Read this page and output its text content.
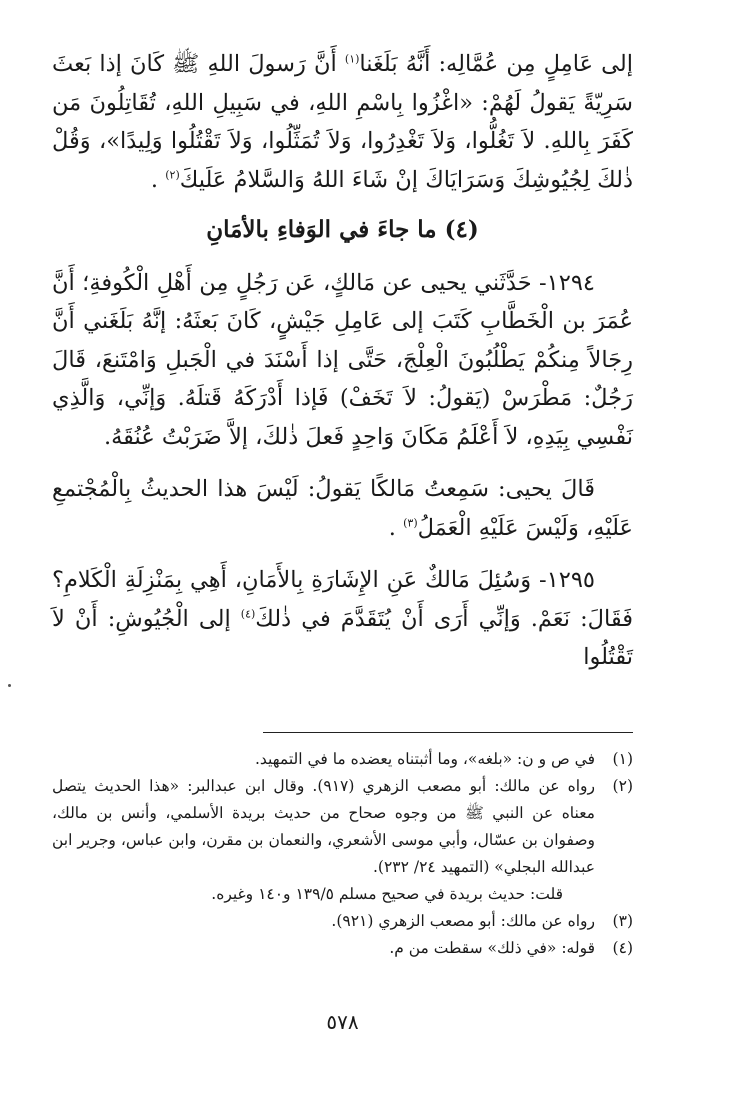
إلى عَامِلٍ مِن عُمَّالِه: أَنَّهُ بَلَغَنا$^{(١)}$ أَنَّ رَسولَ اللهِ ﷺ كَانَ إذا بَعثَ سَرِيّةً يَقولُ لَهُمْ: «اغْزُوا بِاسْمِ اللهِ، في سَبِيلِ اللهِ، تُقَاتِلُونَ مَن كَفَرَ بِاللهِ. لاَ تَغُلُّوا، وَلاَ تَغْدِرُوا، وَلاَ تُمَثِّلُوا، وَلاَ تَقْتُلُوا وَلِيدًا»، وَقُلْ ذٰلكَ لِجُيُوشِكَ وَسَرَايَاكَ إنْ شَاءَ اللهُ وَالسَّلامُ عَلَيكَ$^{(٢)}$ .

(٤) ما جاءَ في الوَفاءِ بالأمَانِ

١٢٩٤- حَدَّثَني يحيى عن مَالكٍ، عَن رَجُلٍ مِن أَهْلِ الْكُوفةِ؛ أَنَّ عُمَرَ بن الْخَطَّابِ كَتَبَ إلى عَامِلِ جَيْشٍ، كَانَ بَعثَهُ: إنَّهُ بَلَغَني أَنَّ رِجَالاً مِنكُمْ يَطْلُبُونَ الْعِلْجَ، حَتَّى إذا أَسْنَدَ في الْجَبلِ وَامْتَنعَ، قَالَ رَجُلٌ: مَطْرَسْ (يَقولُ: لاَ تَخَفْ) فَإذا أَدْرَكَهُ قَتلَهُ. وَإنِّي، وَالَّذِي نَفْسِي بِيَدِهِ، لاَ أَعْلَمُ مَكَانَ وَاحِدٍ فَعلَ ذٰلكَ، إلاَّ ضَرَبْتُ عُنُقَهُ.

قَالَ يحيى: سَمِعتُ مَالكًا يَقولُ: لَيْسَ هذا الحديثُ بِالْمُجْتمعِ عَلَيْهِ، وَلَيْسَ عَلَيْهِ الْعَمَلُ$^{(٣)}$ .

١٢٩٥- وَسُئِلَ مَالكٌ عَنِ الإِشَارَةِ بِالأَمَانِ، أَهِي بِمَنْزِلَةِ الْكَلامِ؟ فَقَالَ: نَعَمْ. وَإنِّي أَرَى أَنْ يُتَقَدَّمَ في ذٰلكَ$^{(٤)}$ إلى الْجُيُوشِ: أَنْ لاَ تَقْتُلُوا

(١)
في ص و ن: «بلغه»، وما أثبتناه يعضده ما في التمهيد.
(٢)
رواه عن مالك: أبو مصعب الزهري (٩١٧). وقال ابن عبدالبر: «هذا الحديث يتصل معناه عن النبي ﷺ من وجوه صحاح من حديث بريدة الأسلمي، وأنس بن مالك، وصفوان بن عسّال، وأبي موسى الأشعري، والنعمان بن مقرن، وابن عباس، وجرير ابن عبدالله البجلي» (التمهيد ٢٤/ ٢٣٢).
قلت: حديث بريدة في صحيح مسلم ١٣٩/٥ و١٤٠ وغيره.
(٣)
رواه عن مالك: أبو مصعب الزهري (٩٢١).
(٤)
قوله: «في ذلك» سقطت من م.
٥٧٨
